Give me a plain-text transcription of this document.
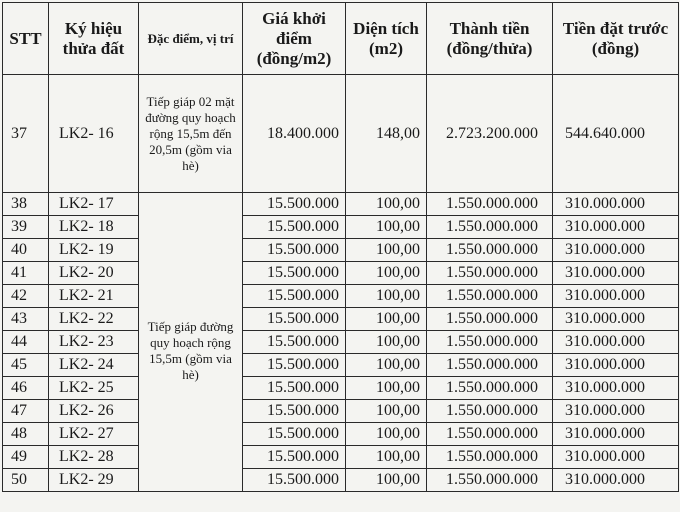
STT	Ký hiệu thửa đất	Đặc điểm, vị trí	Giá khởi điểm (đồng/m2)	Diện tích (m2)	Thành tiền (đồng/thửa)	Tiền đặt trước (đồng)
37	LK2- 16	Tiếp giáp 02 mặt đường quy hoạch rộng 15,5m đến 20,5m (gồm via hè)	18.400.000	148,00	2.723.200.000	544.640.000
38	LK2- 17	Tiếp giáp đường quy hoạch rộng 15,5m (gồm via hè)	15.500.000	100,00	1.550.000.000	310.000.000
39	LK2- 18		15.500.000	100,00	1.550.000.000	310.000.000
40	LK2- 19		15.500.000	100,00	1.550.000.000	310.000.000
41	LK2- 20		15.500.000	100,00	1.550.000.000	310.000.000
42	LK2- 21		15.500.000	100,00	1.550.000.000	310.000.000
43	LK2- 22		15.500.000	100,00	1.550.000.000	310.000.000
44	LK2- 23		15.500.000	100,00	1.550.000.000	310.000.000
45	LK2- 24		15.500.000	100,00	1.550.000.000	310.000.000
46	LK2- 25		15.500.000	100,00	1.550.000.000	310.000.000
47	LK2- 26		15.500.000	100,00	1.550.000.000	310.000.000
48	LK2- 27		15.500.000	100,00	1.550.000.000	310.000.000
49	LK2- 28		15.500.000	100,00	1.550.000.000	310.000.000
50	LK2- 29		15.500.000	100,00	1.550.000.000	310.000.000
